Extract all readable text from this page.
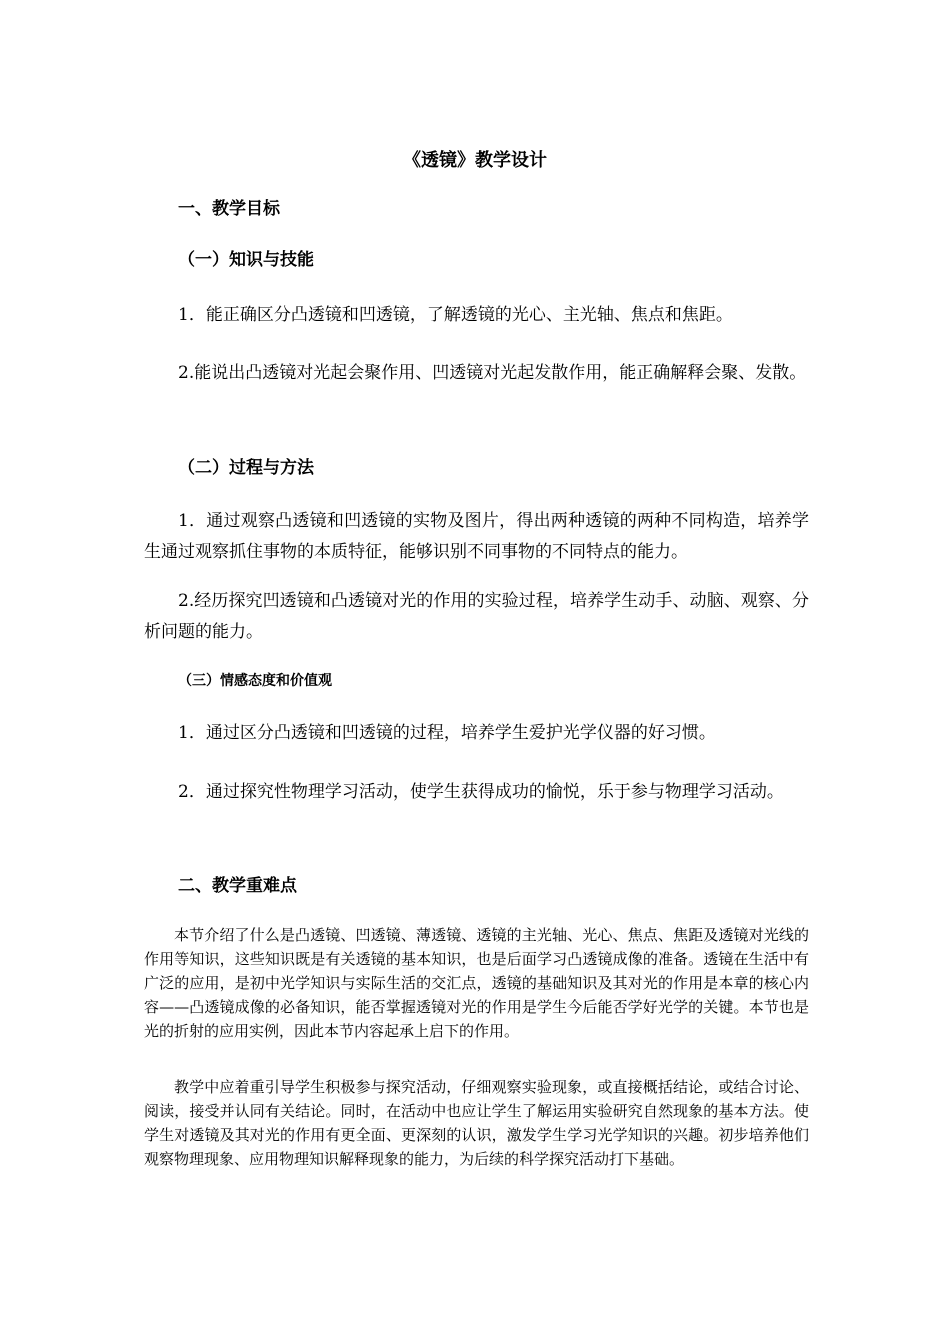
《透镜》教学设计
一、教学目标
（一）知识与技能
1．能正确区分凸透镜和凹透镜，了解透镜的光心、主光轴、焦点和焦距。
2.能说出凸透镜对光起会聚作用、凹透镜对光起发散作用，能正确解释会聚、发散。
（二）过程与方法
1．通过观察凸透镜和凹透镜的实物及图片，得出两种透镜的两种不同构造，培养学生通过观察抓住事物的本质特征，能够识别不同事物的不同特点的能力。
2.经历探究凹透镜和凸透镜对光的作用的实验过程，培养学生动手、动脑、观察、分析问题的能力。
（三）情感态度和价值观
1．通过区分凸透镜和凹透镜的过程，培养学生爱护光学仪器的好习惯。
2．通过探究性物理学习活动，使学生获得成功的愉悦，乐于参与物理学习活动。
二、教学重难点
本节介绍了什么是凸透镜、凹透镜、薄透镜、透镜的主光轴、光心、焦点、焦距及透镜对光线的作用等知识，这些知识既是有关透镜的基本知识，也是后面学习凸透镜成像的准备。透镜在生活中有广泛的应用，是初中光学知识与实际生活的交汇点，透镜的基础知识及其对光的作用是本章的核心内容——凸透镜成像的必备知识，能否掌握透镜对光的作用是学生今后能否学好光学的关键。本节也是光的折射的应用实例，因此本节内容起承上启下的作用。
教学中应着重引导学生积极参与探究活动，仔细观察实验现象，或直接概括结论，或结合讨论、阅读，接受并认同有关结论。同时，在活动中也应让学生了解运用实验研究自然现象的基本方法。使学生对透镜及其对光的作用有更全面、更深刻的认识，激发学生学习光学知识的兴趣。初步培养他们观察物理现象、应用物理知识解释现象的能力，为后续的科学探究活动打下基础。
